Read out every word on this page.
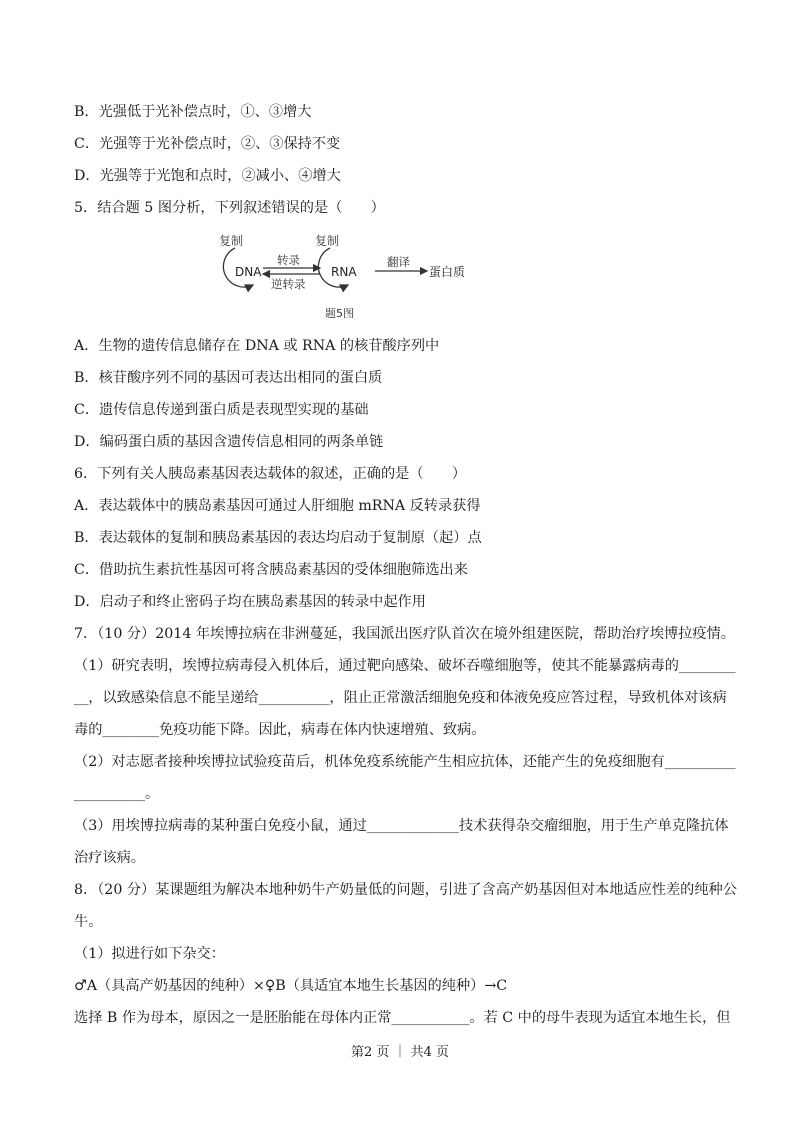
B．光强低于光补偿点时，①、③增大
C．光强等于光补偿点时，②、③保持不变
D．光强等于光饱和点时，②减小、④增大
5．结合题 5 图分析，下列叙述错误的是（　　）
复制	复制
DNA	RNA
转录
逆转录
翻译
蛋白质
题5图
A．生物的遗传信息储存在 DNA 或 RNA 的核苷酸序列中
B．核苷酸序列不同的基因可表达出相同的蛋白质
C．遗传信息传递到蛋白质是表现型实现的基础
D．编码蛋白质的基因含遗传信息相同的两条单链
6．下列有关人胰岛素基因表达载体的叙述，正确的是（　　）
A．表达载体中的胰岛素基因可通过人肝细胞 mRNA 反转录获得
B．表达载体的复制和胰岛素基因的表达均启动于复制原（起）点
C．借助抗生素抗性基因可将含胰岛素基因的受体细胞筛选出来
D．启动子和终止密码子均在胰岛素基因的转录中起作用
7．（10 分）2014 年埃博拉病在非洲蔓延，我国派出医疗队首次在境外组建医院，帮助治疗埃博拉疫情。
（1）研究表明，埃博拉病毒侵入机体后，通过靶向感染、破坏吞噬细胞等，使其不能暴露病毒的________
__，以致感染信息不能呈递给__________，阻止正常激活细胞免疫和体液免疫应答过程，导致机体对该病
毒的________免疫功能下降。因此，病毒在体内快速增殖、致病。
（2）对志愿者接种埃博拉试验疫苗后，机体免疫系统能产生相应抗体，还能产生的免疫细胞有__________
__________。
（3）用埃博拉病毒的某种蛋白免疫小鼠，通过_____________技术获得杂交瘤细胞，用于生产单克隆抗体
治疗该病。
8．（20 分）某课题组为解决本地种奶牛产奶量低的问题，引进了含高产奶基因但对本地适应性差的纯种公
牛。
（1）拟进行如下杂交：
♂A（具高产奶基因的纯种）×♀B（具适宜本地生长基因的纯种）→C
选择 B 作为母本，原因之一是胚胎能在母体内正常___________。若 C 中的母牛表现为适宜本地生长，但
第2 页 ｜ 共4 页
